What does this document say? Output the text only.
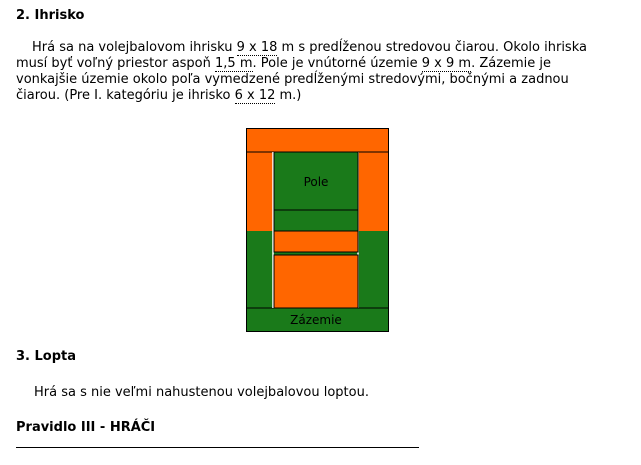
2. Ihrisko
Hrá sa na volejbalovom ihrisku 9 x 18 m s predĺženou stredovou čiarou. Okolo ihriska
musí byť voľný priestor aspoň 1,5 m. Pole je vnútorné územie 9 x 9 m. Zázemie je
vonkajšie územie okolo poľa vymedzené predĺženými stredovými, bočnými a zadnou
čiarou. (Pre I. kategóriu je ihrisko 6 x 12 m.)
Pole
Zázemie
3. Lopta

Hrá sa s nie veľmi nahustenou volejbalovou loptou.

Pravidlo III - HRÁČI
